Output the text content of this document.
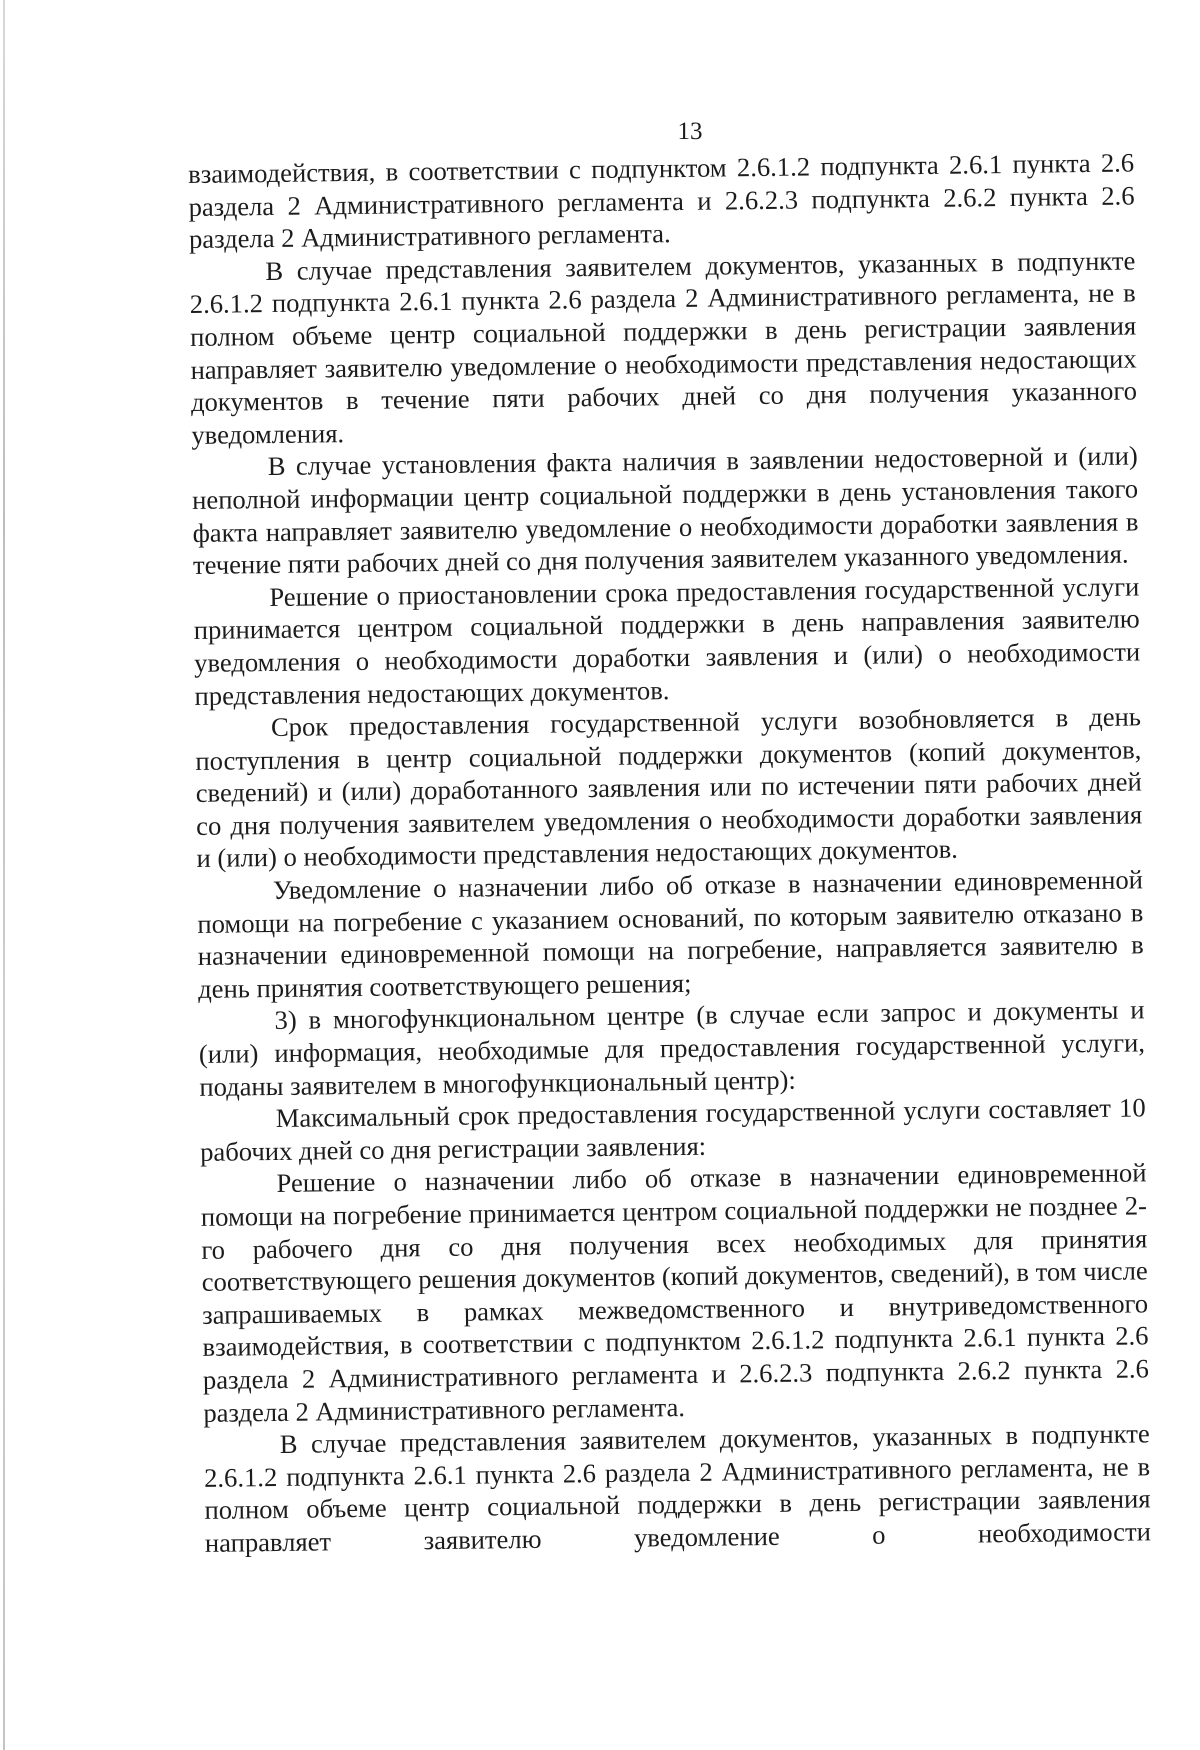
13

взаимодействия, в соответствии с подпунктом 2.6.1.2 подпункта 2.6.1 пункта 2.6 раздела 2 Административного регламента и 2.6.2.3 подпункта 2.6.2 пункта 2.6 раздела 2 Административного регламента.

В случае представления заявителем документов, указанных в подпункте 2.6.1.2 подпункта 2.6.1 пункта 2.6 раздела 2 Административного регламента, не в полном объеме центр социальной поддержки в день регистрации заявления направляет заявителю уведомление о необходимости представления недостающих документов в течение пяти рабочих дней со дня получения указанного уведомления.

В случае установления факта наличия в заявлении недостоверной и (или) неполной информации центр социальной поддержки в день установления такого факта направляет заявителю уведомление о необходимости доработки заявления в течение пяти рабочих дней со дня получения заявителем указанного уведомления.

Решение о приостановлении срока предоставления государственной услуги принимается центром социальной поддержки в день направления заявителю уведомления о необходимости доработки заявления и (или) о необходимости представления недостающих документов.

Срок предоставления государственной услуги возобновляется в день поступления в центр социальной поддержки документов (копий документов, сведений) и (или) доработанного заявления или по истечении пяти рабочих дней со дня получения заявителем уведомления о необходимости доработки заявления и (или) о необходимости представления недостающих документов.

Уведомление о назначении либо об отказе в назначении единовременной помощи на погребение с указанием оснований, по которым заявителю отказано в назначении единовременной помощи на погребение, направляется заявителю в день принятия соответствующего решения;

3) в многофункциональном центре (в случае если запрос и документы и (или) информация, необходимые для предоставления государственной услуги, поданы заявителем в многофункциональный центр):

Максимальный срок предоставления государственной услуги составляет 10 рабочих дней со дня регистрации заявления:

Решение о назначении либо об отказе в назначении единовременной помощи на погребение принимается центром социальной поддержки не позднее 2-го рабочего дня со дня получения всех необходимых для принятия соответствующего решения документов (копий документов, сведений), в том числе запрашиваемых в рамках межведомственного и внутриведомственного взаимодействия, в соответствии с подпунктом 2.6.1.2 подпункта 2.6.1 пункта 2.6 раздела 2 Административного регламента и 2.6.2.3 подпункта 2.6.2 пункта 2.6 раздела 2 Административного регламента.

В случае представления заявителем документов, указанных в подпункте 2.6.1.2 подпункта 2.6.1 пункта 2.6 раздела 2 Административного регламента, не в полном объеме центр социальной поддержки в день регистрации заявления направляет заявителю уведомление о необходимости
